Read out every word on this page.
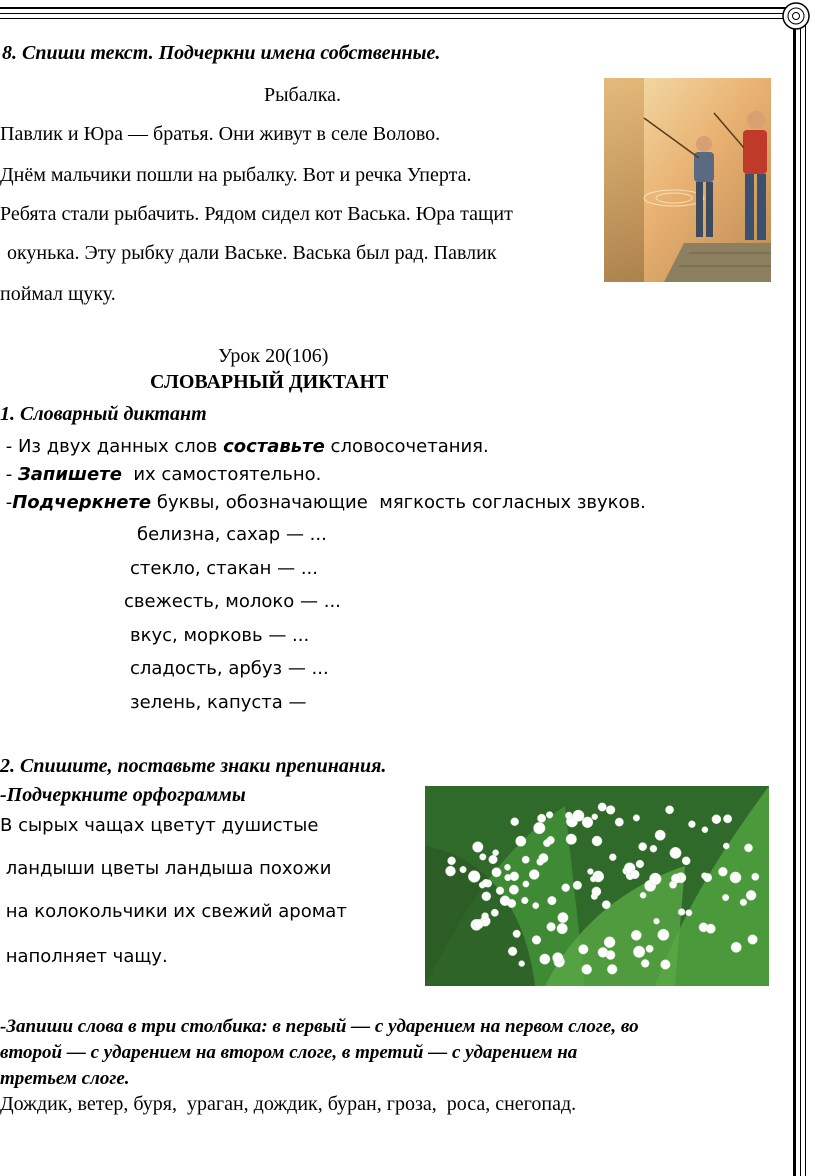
8. Спиши текст. Подчеркни имена собственные.
Рыбалка.
Павлик и Юра — братья. Они живут в селе Волово.
Днём мальчики пошли на рыбалку. Вот и речка Уперта.
Ребята стали рыбачить. Рядом сидел кот Васька. Юра тащит
окунька. Эту рыбку дали Ваське. Васька был рад. Павлик
поймал щуку.
Урок 20(106)
СЛОВАРНЫЙ ДИКТАНТ
1. Словарный диктант
- Из двух данных слов составьте словосочетания.
- Запишете  их самостоятельно.
-Подчеркнете буквы, обозначающие  мягкость согласных звуков.
белизна, сахар — ...
стекло, стакан — ...
свежесть, молоко — ...
вкус, морковь — ...
сладость, арбуз — ...
зелень, капуста —
2. Спишите, поставьте знаки препинания.
-Подчеркните орфограммы
В сырых чащах цветут душистые
ландыши цветы ландыша похожи
на колокольчики их свежий аромат
наполняет чащу.
-Запиши слова в три столбика: в первый — с ударением на первом слоге, во
второй — с ударением на втором слоге, в третий — с ударением на
третьем слоге.
Дождик, ветер, буря,  ураган, дождик, буран, гроза,  роса, снегопад.
